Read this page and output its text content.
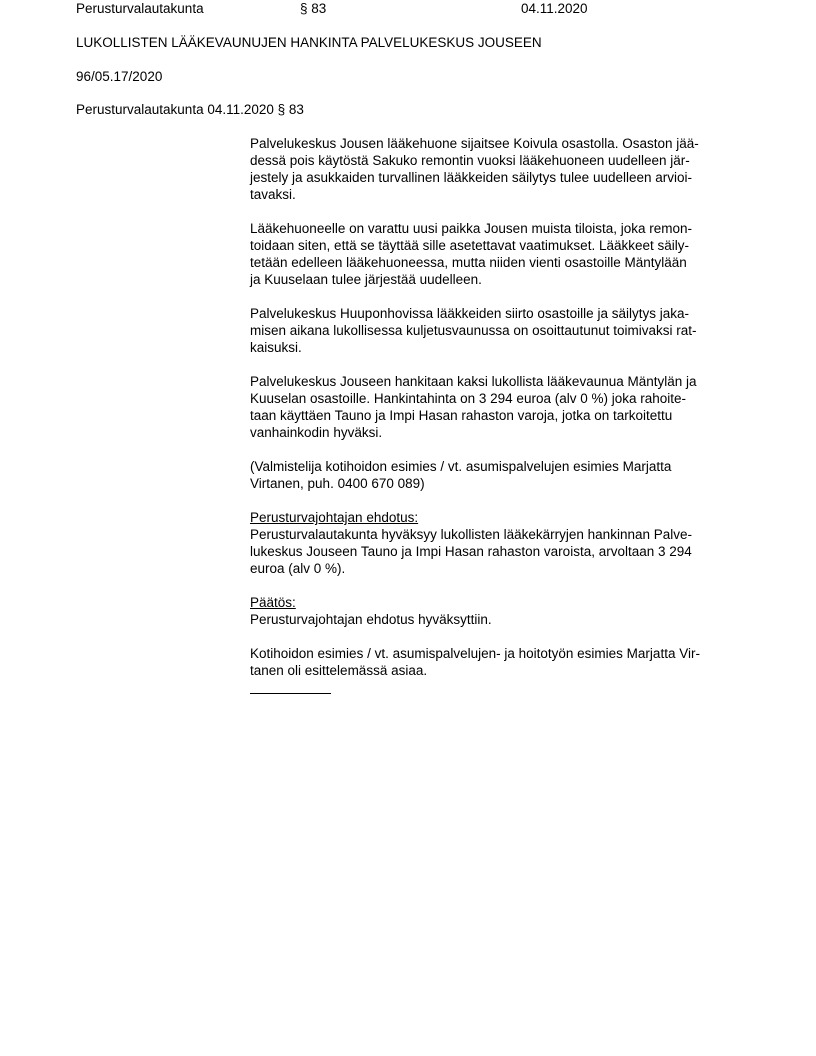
Perusturvalautakunta	§ 83	04.11.2020
LUKOLLISTEN LÄÄKEVAUNUJEN HANKINTA PALVELUKESKUS JOUSEEN
96/05.17/2020
Perusturvalautakunta 04.11.2020 § 83
Palvelukeskus Jousen lääkehuone sijaitsee Koivula osastolla. Osaston jää-
dessä pois käytöstä Sakuko remontin vuoksi lääkehuoneen uudelleen jär-
jestely ja asukkaiden turvallinen lääkkeiden säilytys tulee uudelleen arvioi-
tavaksi.
Lääkehuoneelle on varattu uusi paikka Jousen muista tiloista, joka remon-
toidaan siten, että se täyttää sille asetettavat vaatimukset. Lääkkeet säily-
tetään edelleen lääkehuoneessa, mutta niiden vienti osastoille Mäntylään
ja Kuuselaan tulee järjestää uudelleen.
Palvelukeskus Huuponhovissa lääkkeiden siirto osastoille ja säilytys jaka-
misen aikana lukollisessa kuljetusvaunussa on osoittautunut toimivaksi rat-
kaisuksi.
Palvelukeskus Jouseen hankitaan kaksi lukollista lääkevaunua Mäntylän ja
Kuuselan osastoille. Hankintahinta on 3 294 euroa (alv 0 %) joka rahoite-
taan käyttäen Tauno ja Impi Hasan rahaston varoja, jotka on tarkoitettu
vanhainkodin hyväksi.
(Valmistelija kotihoidon esimies / vt. asumispalvelujen esimies Marjatta
Virtanen, puh. 0400 670 089)
Perusturvajohtajan ehdotus:
Perusturvalautakunta hyväksyy lukollisten lääkekärryjen hankinnan Palve-
lukeskus Jouseen Tauno ja Impi Hasan rahaston varoista, arvoltaan 3 294
euroa (alv 0 %).
Päätös:
Perusturvajohtajan ehdotus hyväksyttiin.
Kotihoidon esimies / vt. asumispalvelujen- ja hoitotyön esimies Marjatta Vir-
tanen oli esittelemässä asiaa.
